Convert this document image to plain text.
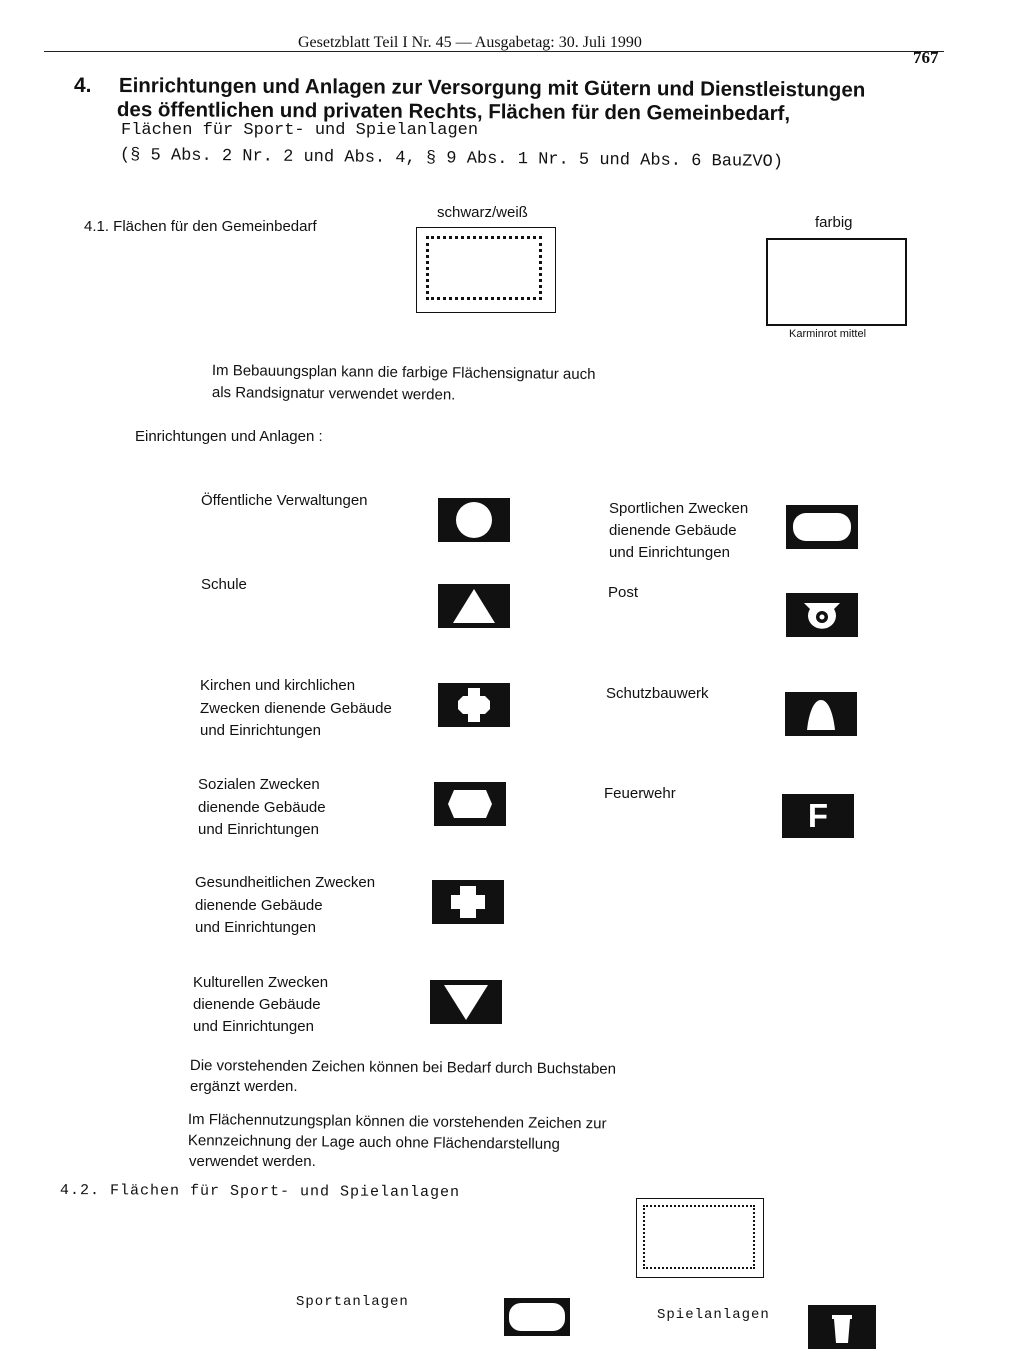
Gesetzblatt Teil I Nr. 45 — Ausgabetag: 30. Juli 1990
767
4. Einrichtungen und Anlagen zur Versorgung mit Gütern und Dienstleistungen
des öffentlichen und privaten Rechts, Flächen für den Gemeinbedarf,
Flächen für Sport- und Spielanlagen
(§ 5 Abs. 2 Nr. 2 und Abs. 4, § 9 Abs. 1 Nr. 5 und Abs. 6 BauZVO)
4.1. Flächen für den Gemeinbedarf
schwarz/weiß
farbig
Karminrot mittel
Im Bebauungsplan kann die farbige Flächensignatur auch
als Randsignatur verwendet werden.
Einrichtungen und Anlagen :
Öffentliche Verwaltungen
Schule
Kirchen und kirchlichen
Zwecken dienende Gebäude
und Einrichtungen
Sozialen Zwecken
dienende Gebäude
und Einrichtungen
Gesundheitlichen Zwecken
dienende Gebäude
und Einrichtungen
Kulturellen Zwecken
dienende Gebäude
und Einrichtungen
Sportlichen Zwecken
dienende Gebäude
und Einrichtungen
Post
Schutzbauwerk
Feuerwehr
F
Die vorstehenden Zeichen können bei Bedarf durch Buchstaben
ergänzt werden.
Im Flächennutzungsplan können die vorstehenden Zeichen zur
Kennzeichnung der Lage auch ohne Flächendarstellung
verwendet werden.
4.2. Flächen für Sport- und Spielanlagen
Sportanlagen
Spielanlagen
